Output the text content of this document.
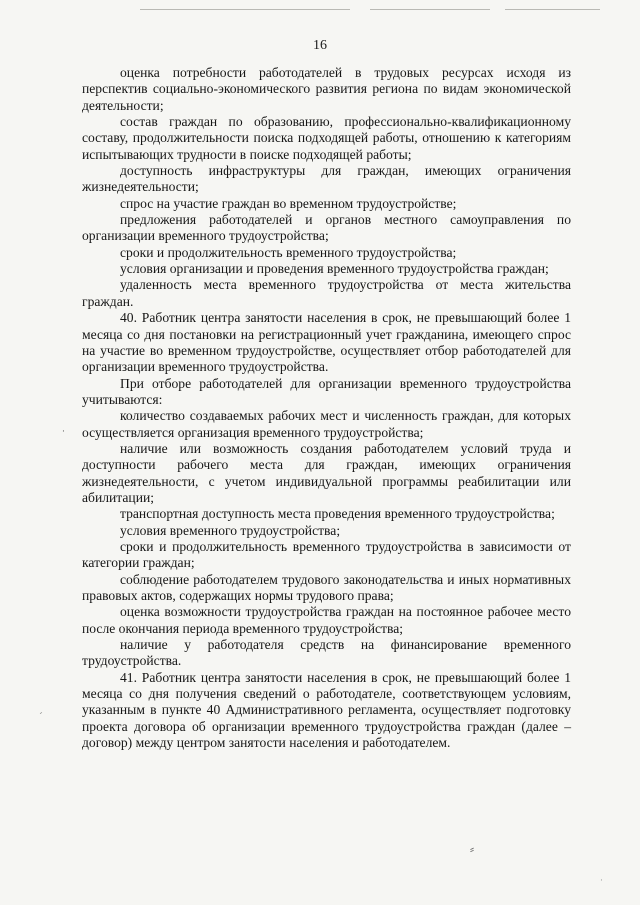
16

оценка потребности работодателей в трудовых ресурсах исходя из перспектив социально-экономического развития региона по видам экономической деятельности;

состав граждан по образованию, профессионально-квалификационному составу, продолжительности поиска подходящей работы, отношению к категориям испытывающих трудности в поиске подходящей работы;

доступность инфраструктуры для граждан, имеющих ограничения жизнедеятельности;

спрос на участие граждан во временном трудоустройстве;

предложения работодателей и органов местного самоуправления по организации временного трудоустройства;

сроки и продолжительность временного трудоустройства;

условия организации и проведения временного трудоустройства граждан;

удаленность места временного трудоустройства от места жительства граждан.

40. Работник центра занятости населения в срок, не превышающий более 1 месяца со дня постановки на регистрационный учет гражданина, имеющего спрос на участие во временном трудоустройстве, осуществляет отбор работодателей для организации временного трудоустройства.

При отборе работодателей для организации временного трудоустройства учитываются:

количество создаваемых рабочих мест и численность граждан, для которых осуществляется организация временного трудоустройства;

наличие или возможность создания работодателем условий труда и доступности рабочего места для граждан, имеющих ограничения жизнедеятельности, с учетом индивидуальной программы реабилитации или абилитации;

транспортная доступность места проведения временного трудоустройства;

условия временного трудоустройства;

сроки и продолжительность временного трудоустройства в зависимости от категории граждан;

соблюдение работодателем трудового законодательства и иных нормативных правовых актов, содержащих нормы трудового права;

оценка возможности трудоустройства граждан на постоянное рабочее место после окончания периода временного трудоустройства;

наличие у работодателя средств на финансирование временного трудоустройства.

41. Работник центра занятости населения в срок, не превышающий более 1 месяца со дня получения сведений о работодателе, соответствующем условиям, указанным в пункте 40 Административного регламента, осуществляет подготовку проекта договора об организации временного трудоустройства граждан (далее – договор) между центром занятости населения и работодателем.

·
´
⸗
·
